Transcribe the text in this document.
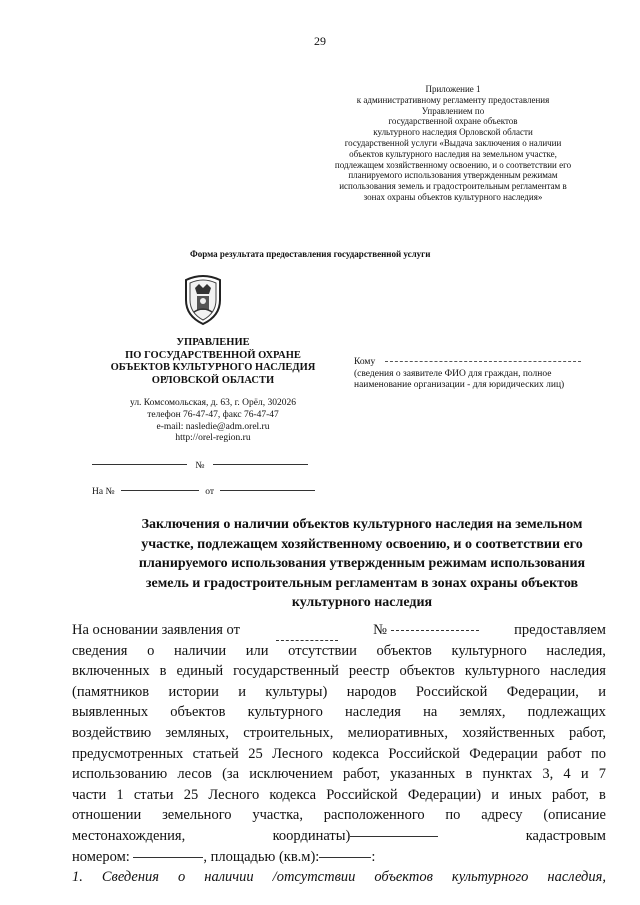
29
Приложение 1
к административному регламенту предоставления
Управлением по
государственной охране объектов
культурного наследия Орловской области
государственной услуги «Выдача заключения о наличии
объектов культурного наследия на земельном участке,
подлежащем хозяйственному освоению, и о соответствии его
планируемого использования утвержденным режимам
использования земель и градостроительным регламентам в
зонах охраны объектов культурного наследия»
Форма результата предоставления государственной услуги
УПРАВЛЕНИЕ
ПО ГОСУДАРСТВЕННОЙ ОХРАНЕ
ОБЪЕКТОВ КУЛЬТУРНОГО НАСЛЕДИЯ
ОРЛОВСКОЙ ОБЛАСТИ
ул. Комсомольская, д. 63, г. Орёл, 302026
телефон 76-47-47, факс 76-47-47
e-mail: nasledie@adm.orel.ru
http://orel-region.ru
№
На №	от
Кому
(сведения о заявителе ФИО для граждан, полное
наименование организации - для юридических лиц)
Заключения о наличии объектов культурного наследия на земельном
участке, подлежащем хозяйственному освоению, и о соответствии его
планируемого использования утвержденным режимам использования
земель и градостроительным регламентам в зонах охраны объектов
культурного наследия
На основании заявления от	№	предоставляем
сведения о наличии или отсутствии объектов культурного наследия,
включенных в единый государственный реестр объектов культурного наследия
(памятников истории и культуры) народов Российской Федерации, и
выявленных объектов культурного наследия на землях, подлежащих
воздействию земляных, строительных, мелиоративных, хозяйственных работ,
предусмотренных статьей 25 Лесного кодекса Российской Федерации работ по
использованию лесов (за исключением работ, указанных в пунктах 3, 4 и 7
части 1 статьи 25 Лесного кодекса Российской Федерации) и иных работ, в
отношении земельного участка, расположенного по адресу (описание
местонахождения,	координаты)	кадастровым
номером:	, площадью (кв.м):	:
1. Сведения о наличии /отсутствии объектов культурного наследия,
